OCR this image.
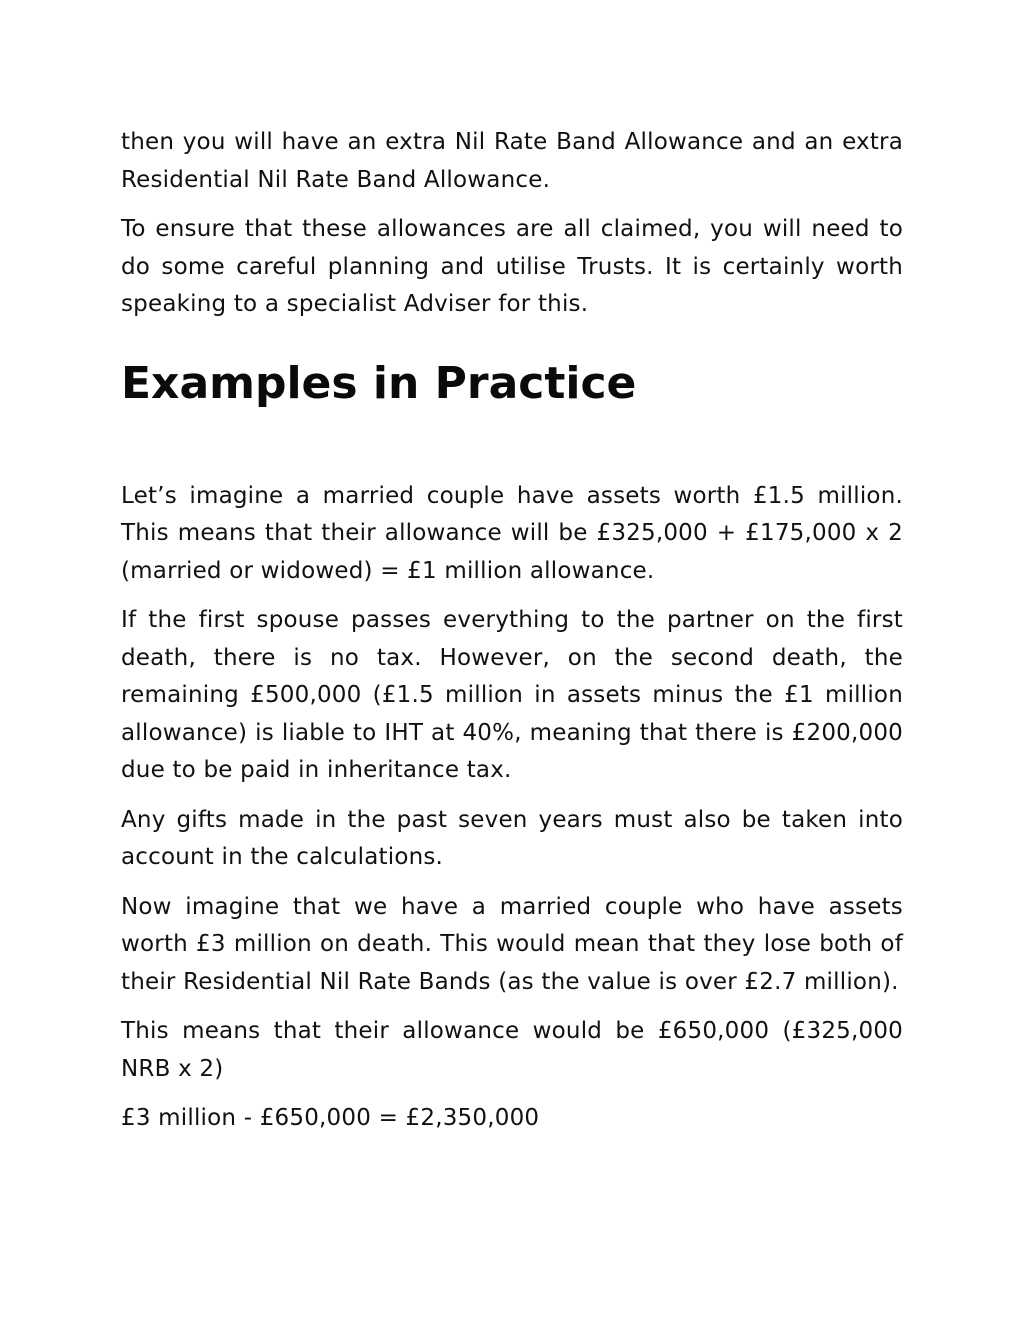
then you will have an extra Nil Rate Band Allowance and an extra Residential Nil Rate Band Allowance.

To ensure that these allowances are all claimed, you will need to do some careful planning and utilise Trusts. It is certainly worth speaking to a specialist Adviser for this.

Examples in Practice

Let’s imagine a married couple have assets worth £1.5 million. This means that their allowance will be £325,000 + £175,000 x 2 (married or widowed) = £1 million allowance.

If the first spouse passes everything to the partner on the first death, there is no tax. However, on the second death, the remaining £500,000 (£1.5 million in assets minus the £1 million allowance) is liable to IHT at 40%, meaning that there is £200,000 due to be paid in inheritance tax.

Any gifts made in the past seven years must also be taken into account in the calculations.

Now imagine that we have a married couple who have assets worth £3 million on death. This would mean that they lose both of their Residential Nil Rate Bands (as the value is over £2.7 million).

This means that their allowance would be £650,000 (£325,000 NRB x 2)

£3 million - £650,000 = £2,350,000
